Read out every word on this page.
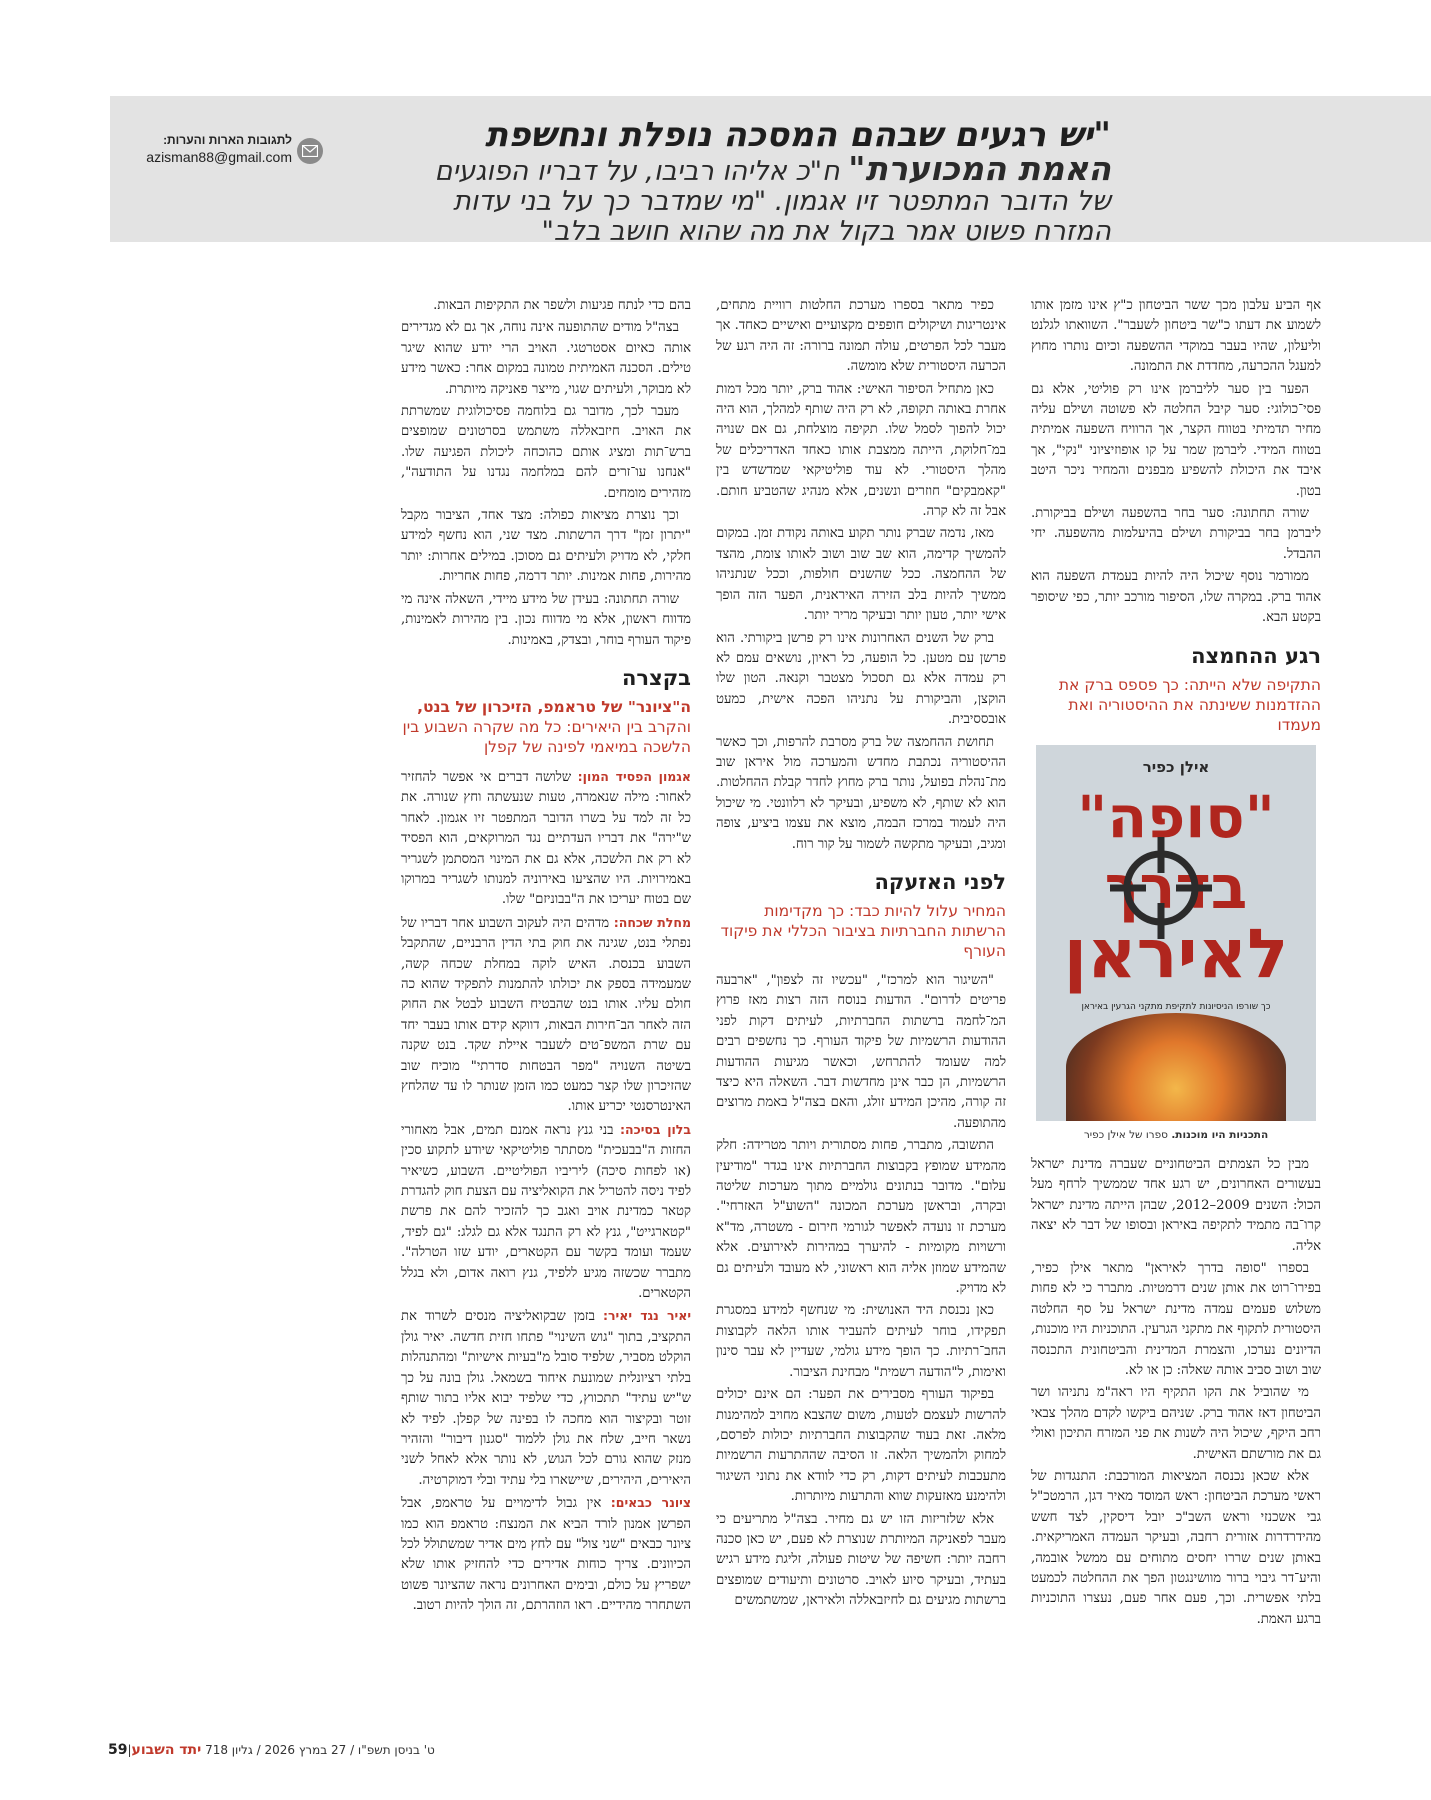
לתגובות הארות והערות:
azisman88@gmail.com
"יש רגעים שבהם המסכה נופלת ונחשפת
האמת המכוערת" ח"כ אליהו רביבו, על דבריו הפוגעים
של הדובר המתפטר זיו אגמון. "מי שמדבר כך על בני עדות
המזרח פשוט אמר בקול את מה שהוא חושב בלב"

אף הביע עלבון מכך ששר הביטחון כ"ץ אינו מזמן אותו לשמוע את דעתו כ"שר ביטחון לשעבר". השוואתו לגלנט וליעלון, שהיו בעבר במוקדי ההשפעה וכיום נותרו מחוץ למעגל ההכרעה, מחדדת את התמונה.

הפער בין סער לליברמן אינו רק פוליטי, אלא גם פסי־כולוגי: סער קיבל החלטה לא פשוטה ושילם עליה מחיר תדמיתי בטווח הקצר, אך הרוויח השפעה אמיתית בטווח המידי. ליברמן שמר על קו אופוזיציוני "נקי", אך איבד את היכולת להשפיע מבפנים והמחיר ניכר היטב בטון.

שורה תחתונה: סער בחר בהשפעה ושילם בביקורת. ליברמן בחר בביקורת ושילם בהיעלמות מהשפעה. יחי ההבדל.

ממורמר נוסף שיכול היה להיות בעמדת השפעה הוא אהוד ברק. במקרה שלו, הסיפור מורכב יותר, כפי שיסופר בקטע הבא.

רגע ההחמצה
התקיפה שלא הייתה: כך פספס ברק את ההזדמנות ששינתה את ההיסטוריה ואת מעמדו
אילן כפיר
"סופה"
בדרך
לאיראן
כך שורפו הניסיונות לתקיפת מתקני הגרעין באיראן
התכניות היו מוכנות. ספרו של אילן כפיר

מבין כל הצמתים הביטחוניים שעברה מדינת ישראל בעשורים האחרונים, יש רגע אחד שממשיך לרחף מעל הכול: השנים 2009–2012, שבהן הייתה מדינת ישראל קרו־בה מתמיד לתקיפה באיראן ובסופו של דבר לא יצאה אליה.

בספרו "סופה בדרך לאיראן" מתאר אילן כפיר, בפירו־רוט את אותן שנים דרמטיות. מתברר כי לא פחות משלוש פעמים עמדה מדינת ישראל על סף החלטה היסטורית לתקוף את מתקני הגרעין. התוכניות היו מוכנות, הדיונים נערכו, והצמרת המדינית והביטחונית התכנסה שוב ושוב סביב אותה שאלה: כן או לא.

מי שהוביל את הקו התקיף היו ראה"מ נתניהו ושר הביטחון דאז אהוד ברק. שניהם ביקשו לקדם מהלך צבאי רחב היקף, שיכול היה לשנות את פני המזרח התיכון ואולי גם את מורשתם האישית.

אלא שכאן נכנסה המציאות המורכבת: התנגדות של ראשי מערכת הביטחון: ראש המוסד מאיר דגן, הרמטכ"ל גבי אשכנזי וראש השב"כ יובל דיסקין, לצד חשש מהידרדרות אזורית רחבה, ובעיקר העמדה האמריקאית. באותן שנים שררו יחסים מתוחים עם ממשל אובמה, והיע־דר גיבוי ברור מוושינגטון הפך את ההחלטה לכמעט בלתי אפשרית. וכך, פעם אחר פעם, נעצרו התוכניות ברגע האמת.

כפיר מתאר בספרו מערכת החלטות רוויית מתחים, אינטריגות ושיקולים חופפים מקצועיים ואישיים כאחד. אך מעבר לכל הפרטים, עולה תמונה ברורה: זה היה רגע של הכרעה היסטורית שלא מומשה.

כאן מתחיל הסיפור האישי: אהוד ברק, יותר מכל דמות אחרת באותה תקופה, לא רק היה שותף למהלך, הוא היה יכול להפוך לסמל שלו. תקיפה מוצלחת, גם אם שנויה במ־חלוקת, הייתה ממצבת אותו כאחד האדריכלים של מהלך היסטורי. לא עוד פוליטיקאי שמדשדש בין "קאמבקים" חוזרים ונשנים, אלא מנהיג שהטביע חותם. אבל זה לא קרה.

מאז, נדמה שברק נותר תקוע באותה נקודת זמן. במקום להמשיך קדימה, הוא שב שוב ושוב לאותו צומת, מהצד של ההחמצה. ככל שהשנים חולפות, וככל שנתניהו ממשיך להיות בלב הזירה האיראנית, הפער הזה הופך אישי יותר, טעון יותר ובעיקר מריר יותר.

ברק של השנים האחרונות אינו רק פרשן ביקורתי. הוא פרשן עם מטען. כל הופעה, כל ראיון, נושאים עמם לא רק עמדה אלא גם תסכול מצטבר וקנאה. הטון שלו הוקצן, והביקורת על נתניהו הפכה אישית, כמעט אובססיבית.

תחושת ההחמצה של ברק מסרבת להרפות, וכך כאשר ההיסטוריה נכתבת מחדש והמערכה מול איראן שוב מת־נהלת בפועל, נותר ברק מחוץ לחדר קבלת ההחלטות. הוא לא שותף, לא משפיע, ובעיקר לא רלוונטי. מי שיכול היה לעמוד במרכז הבמה, מוצא את עצמו ביציע, צופה ומגיב, ובעיקר מתקשה לשמור על קור רוח.

לפני האזעקה
המחיר עלול להיות כבד: כך מקדימות הרשתות החברתיות בציבור הכללי את פיקוד העורף

"השיגור הוא למרכז", "עכשיו זה לצפון", "ארבעה פריטים לדרום". הודעות בנוסח הזה רצות מאז פרוץ המ־לחמה ברשתות החברתיות, לעיתים דקות לפני ההודעות הרשמיות של פיקוד העורף. כך נחשפים רבים למה שעומד להתרחש, וכאשר מגיעות ההודעות הרשמיות, הן כבר אינן מחדשות דבר. השאלה היא כיצד זה קורה, מהיכן המידע זולג, והאם בצה"ל באמת מרוצים מהתופעה.

התשובה, מתברר, פחות מסתורית ויותר מטרידה: חלק מהמידע שמופץ בקבוצות החברתיות אינו בגדר "מודיעין עלום". מדובר בנתונים גולמיים מתוך מערכות שליטה ובקרה, ובראשן מערכת המכונה "השוע"ל האזרחי". מערכת זו נועדה לאפשר לגורמי חירום - משטרה, מד"א ורשויות מקומיות - להיערך במהירות לאירועים. אלא שהמידע שמוזן אליה הוא ראשוני, לא מעובד ולעיתים גם לא מדויק.

כאן נכנסת היד האנושית: מי שנחשף למידע במסגרת תפקידו, בוחר לעיתים להעביר אותו הלאה לקבוצות החב־רתיות. כך הופך מידע גולמי, שעדיין לא עבר סינון ואימות, ל"הודעה רשמית" מבחינת הציבור.

בפיקוד העורף מסבירים את הפער: הם אינם יכולים להרשות לעצמם לטעות, משום שהצבא מחויב למהימנות מלאה. זאת בעוד שהקבוצות החברתיות יכולות לפרסם, למחוק ולהמשיך הלאה. זו הסיבה שההתרעות הרשמיות מתעכבות לעיתים דקות, רק כדי לוודא את נתוני השיגור ולהימנע מאזעקות שווא והתרעות מיותרות.

אלא שלזריזות הזו יש גם מחיר. בצה"ל מתריעים כי מעבר לפאניקה המיותרת שנוצרת לא פעם, יש כאן סכנה רחבה יותר: חשיפה של שיטות פעולה, זליגת מידע רגיש בעתיד, ובעיקר סיוע לאויב. סרטונים ותיעודים שמופצים ברשתות מגיעים גם לחיזבאללה ולאיראן, שמשתמשים

בהם כדי לנתח פגיעות ולשפר את התקיפות הבאות.

בצה"ל מודים שהתופעה אינה נוחה, אך גם לא מגדירים אותה כאיום אסטרטגי. האויב הרי יודע שהוא שיגר טילים. הסכנה האמיתית טמונה במקום אחר: כאשר מידע לא מבוקר, ולעיתים שגוי, מייצר פאניקה מיותרת.

מעבר לכך, מדובר גם בלוחמה פסיכולוגית שמשרתת את האויב. חיזבאללה משתמש בסרטונים שמופצים ברש־תות ומציג אותם כהוכחה ליכולת הפגיעה שלו. "אנחנו עו־זרים להם במלחמה נגדנו על התודעה", מזהירים מומחים.

וכך נוצרת מציאות כפולה: מצד אחד, הציבור מקבל "יתרון זמן" דרך הרשתות. מצד שני, הוא נחשף למידע חלקי, לא מדויק ולעיתים גם מסוכן. במילים אחרות: יותר מהירות, פחות אמינות. יותר דרמה, פחות אחריות.

שורה תחתונה: בעידן של מידע מיידי, השאלה אינה מי מדווח ראשון, אלא מי מדווח נכון. בין מהירות לאמינות, פיקוד העורף בוחר, ובצדק, באמינות.

בקצרה
ה"ציונר" של טראמפ, הזיכרון של בנט, והקרב בין היאירים: כל מה שקרה השבוע בין הלשכה במיאמי לפינה של קפלן

אגמון הפסיד המון: שלושה דברים אי אפשר להחזיר לאחור: מילה שנאמרה, טעות שנעשתה וחץ שנורה. את כל זה למד על בשרו הדובר המתפטר זיו אגמון. לאחר ש"ירה" את דבריו העדתיים נגד המרוקאים, הוא הפסיד לא רק את הלשכה, אלא גם את המינוי המסתמן לשגריר באמירויות. היו שהציעו באירוניה למנותו לשגריר במרוקו שם בטוח יעריכו את ה"בבוניזם" שלו.

מחלת שכחה: מדהים היה לעקוב השבוע אחר דבריו של נפתלי בנט, שגינה את חוק בתי הדין הרבניים, שהתקבל השבוע בכנסת. האיש לוקה במחלת שכחה קשה, שמעמידה בספק את יכולתו להתמנות לתפקיד שהוא כה חולם עליו. אותו בנט שהבטיח השבוע לבטל את החוק הזה לאחר הב־חירות הבאות, דווקא קידם אותו בעבר יחד עם שרת המשפ־טים לשעבר איילת שקד. בנט שקנה בשיטה השנויה "מפר הבטחות סדרתי" מוכיח שוב שהזיכרון שלו קצר כמעט כמו הזמן שנותר לו עד שהלחץ האינטרסנטי יכריע אותו.

בלון בסיכה: בני גנץ נראה אמנם תמים, אבל מאחורי החזות ה"בבעכית" מסתתר פוליטיקאי שיודע לתקוע סכין (או לפחות סיכה) ליריביו הפוליטיים. השבוע, כשיאיר לפיד ניסה להטריל את הקואליציה עם הצעת חוק להגדרת קטאר כמדינת אויב ואגב כך להזכיר להם את פרשת "קטארגייט", גנץ לא רק התנגד אלא גם לגלג: "גם לפיד, שעמד ועומד בקשר עם הקטארים, יודע שזו הטרלה". מתברר שכשזה מגיע ללפיד, גנץ רואה אדום, ולא בגלל הקטארים.

יאיר נגד יאיר: בזמן שבקואליציה מנסים לשרוד את התקציב, בתוך "גוש השינוי" פתחו חזית חדשה. יאיר גולן הוקלט מסביר, שלפיד סובל מ"בעיות אישיות" ומהתנהלות בלתי רציונלית שמונעת איחוד בשמאל. גולן בונה על כך ש"יש עתיד" תתכווץ, כדי שלפיד יבוא אליו בתור שותף זוטר ובקיצור הוא מחכה לו בפינה של קפלן. לפיד לא נשאר חייב, שלח את גולן ללמוד "סגנון דיבור" והזהיר מנזק שהוא גורם לכל הגוש, לא נותר אלא לאחל לשני היאירים, היהירים, שיישארו בלי עתיד ובלי דמוקרטיה.

ציונר כבאים: אין גבול לדימויים על טראמפ, אבל הפרשן אמנון לורד הביא את המנצח: טראמפ הוא כמו ציונר כבאים "שני צול" עם לחץ מים אדיר שמשתולל לכל הכיוונים. צריך כוחות אדירים כדי להחזיק אותו שלא ישפריץ על כולם, ובימים האחרונים נראה שהציונר פשוט השתחרר מהידיים. ראו הוזהרתם, זה הולך להיות רטוב.

ט' בניסן תשפ"ו / 27 במרץ 2026 / גליון 718 יתד השבוע|59
